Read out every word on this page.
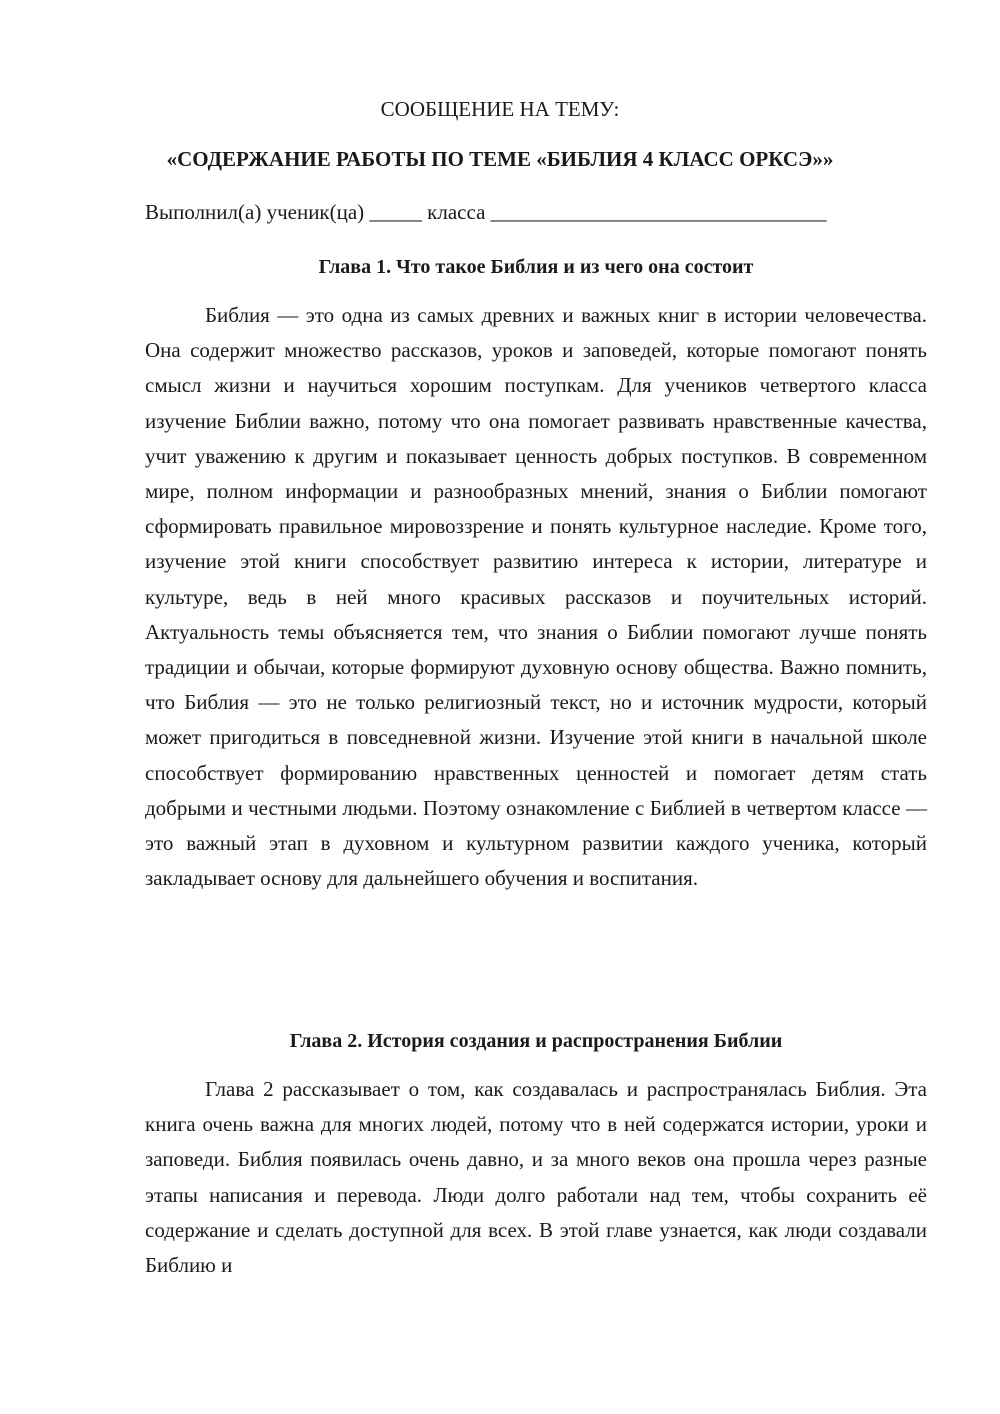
СООБЩЕНИЕ НА ТЕМУ:
«СОДЕРЖАНИЕ РАБОТЫ ПО ТЕМЕ «БИБЛИЯ 4 КЛАСС ОРКСЭ»»
Выполнил(а) ученик(ца) _____ класса ________________________________
Глава 1. Что такое Библия и из чего она состоит

Библия — это одна из самых древних и важных книг в истории человечества. Она содержит множество рассказов, уроков и заповедей, которые помогают понять смысл жизни и научиться хорошим поступкам. Для учеников четвертого класса изучение Библии важно, потому что она помогает развивать нравственные качества, учит уважению к другим и показывает ценность добрых поступков. В современном мире, полном информации и разнообразных мнений, знания о Библии помогают сформировать правильное мировоззрение и понять культурное наследие. Кроме того, изучение этой книги способствует развитию интереса к истории, литературе и культуре, ведь в ней много красивых рассказов и поучительных историй. Актуальность темы объясняется тем, что знания о Библии помогают лучше понять традиции и обычаи, которые формируют духовную основу общества. Важно помнить, что Библия — это не только религиозный текст, но и источник мудрости, который может пригодиться в повседневной жизни. Изучение этой книги в начальной школе способствует формированию нравственных ценностей и помогает детям стать добрыми и честными людьми. Поэтому ознакомление с Библией в четвертом классе — это важный этап в духовном и культурном развитии каждого ученика, который закладывает основу для дальнейшего обучения и воспитания.

Глава 2. История создания и распространения Библии

Глава 2 рассказывает о том, как создавалась и распространялась Библия. Эта книга очень важна для многих людей, потому что в ней содержатся истории, уроки и заповеди. Библия появилась очень давно, и за много веков она прошла через разные этапы написания и перевода. Люди долго работали над тем, чтобы сохранить её содержание и сделать доступной для всех. В этой главе узнается, как люди создавали Библию и
